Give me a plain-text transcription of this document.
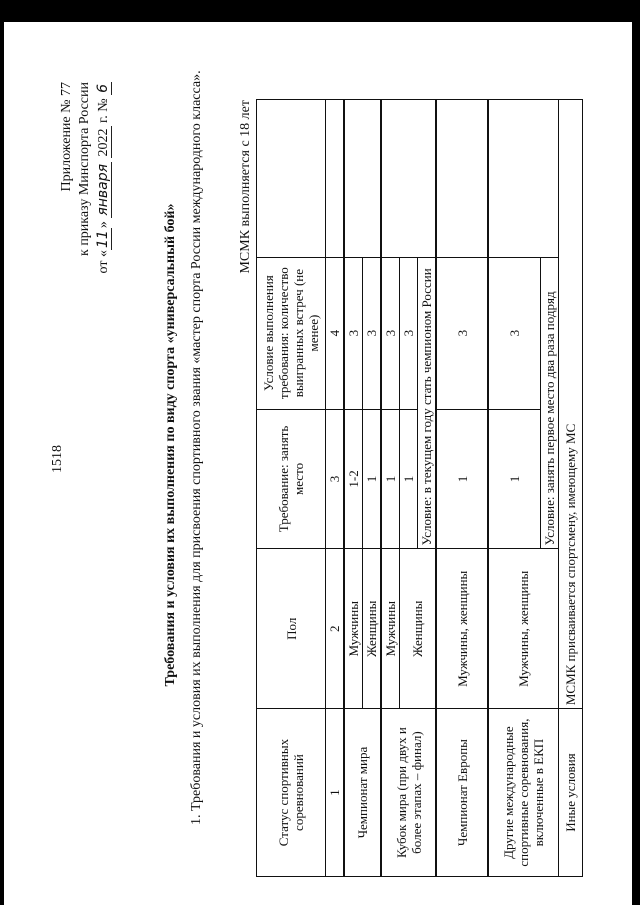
1518
Приложение № 77 к приказу Минспорта России
от «11» января 2022 г. № 6
Требования и условия их выполнения по виду спорта «универсальный бой» 1. Требования и условия их выполнения для присвоения спортивного звания «мастер спорта России международного класса». МСМК выполняется с 18 лет
Статус спортивных соревнований	Пол	Требование: занять место	Условие выполнения требования: количество выигранных встреч (не менее)	
1	2	3	4	
Чемпионат мира	Мужчины	1-2	3	
	Женщины	1	3	
Кубок мира (при двух и более этапах – финал)	Мужчины	1	3	
	Женщины	1	3	
		Условие: в текущем году стать чемпионом России		
Чемпионат Европы	Мужчины, женщины	1	3	
Другие международные спортивные соревнования, включенные в ЕКП	Мужчины, женщины	1	3	
		Условие: занять первое место два раза подряд		
Иные условия	МСМК присваивается спортсмену, имеющему МС			
